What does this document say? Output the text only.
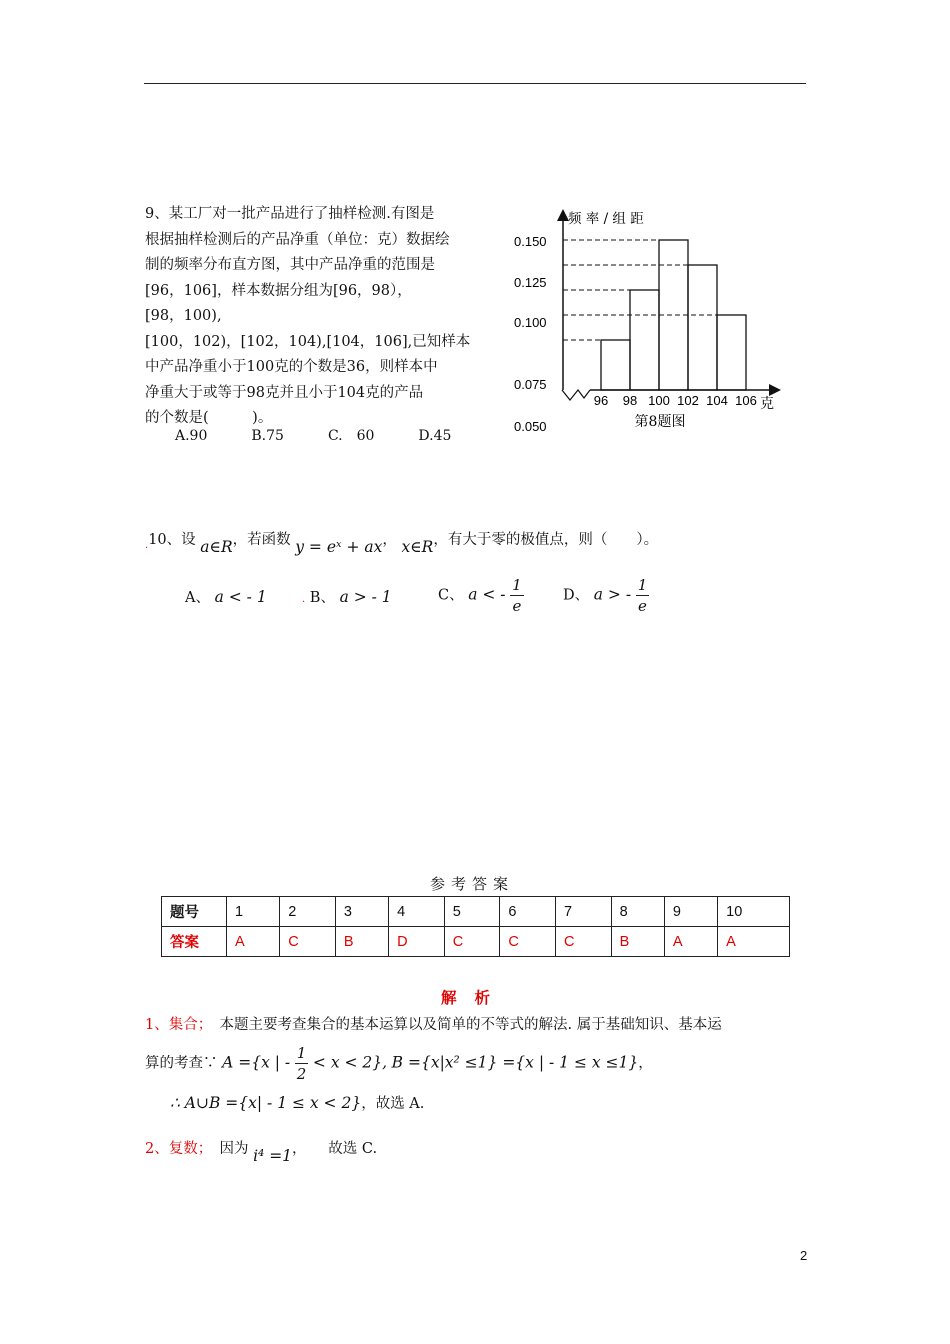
9、某工厂对一批产品进行了抽样检测.有图是

根据抽样检测后的产品净重（单位：克）数据绘

制的频率分布直方图，其中产品净重的范围是

[96，106]，样本数据分组为[96，98），

[98，100),

[100，102)，[102，104),[104，106],已知样本

中产品净重小于100克的个数是36，则样本中

净重大于或等于98克并且小于104克的产品

的个数是(　　　)。

A.90	B.75	C.　60	D.45
0.150
0.125
0.100
0.075
0.050
96 98 100 102 104 106 克
频 率 / 组 距
第8题图
$_.$10、设 a∈R，若函数 y = eˣ + ax， x∈R，有大于零的极值点，则（　　）。
A、 a < - 1	. B、 a > - 1	C、 a < - $\frac{1}{e}$	D、 a > - $\frac{1}{e}$
参考答案
题号	1	2	3	4	5	6	7	8	9	10
答案	A	C	B	D	C	C	C	B	A	A
解析
1、集合；　本题主要考查集合的基本运算以及简单的不等式的解法. 属于基础知识、基本运
算的考查∵ A ={x | - $\frac{1}{2} < x < 2$}, B ={x|x² ≤1} ={x | - 1 ≤ x ≤1}，
∴ A∪B ={x| - 1 ≤ x < 2}，故选 A.
2、复数；　因为 i⁴ =1，　　故选 C.
2
